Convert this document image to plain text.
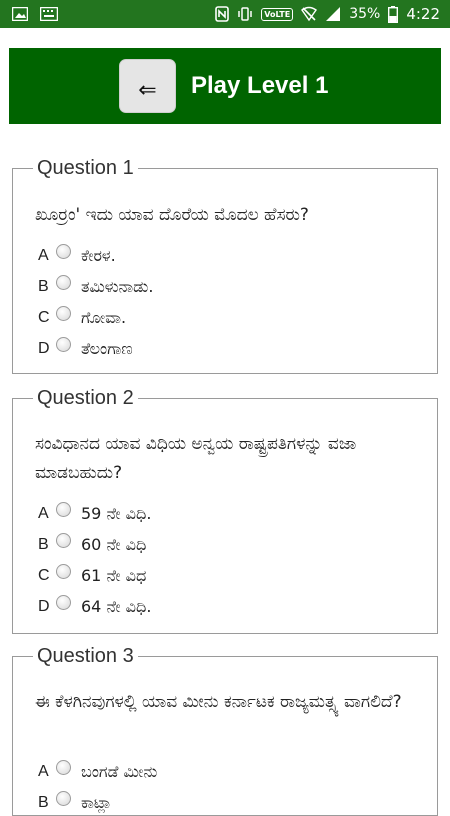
VoLTE	35% 4:22
⇐	Play Level 1
Question 1
ಖೂರ್ರಂ' ಇದು ಯಾವ ದೊರೆಯ ಮೊದಲ ಹೆಸರು?
A ಕೇರಳ.
B ತಮಿಳುನಾಡು.
C ಗೋವಾ.
D ತೆಲಂಗಾಣ
Question 2
ಸಂವಿಧಾನದ ಯಾವ ವಿಧಿಯ ಅನ್ವಯ ರಾಷ್ಟ್ರಪತಿಗಳನ್ನು ವಜಾ ಮಾಡಬಹುದು?
A 59 ನೇ ವಿಧಿ.
B 60 ನೇ ವಿಧಿ
C 61 ನೇ ವಿಧ
D 64 ನೇ ವಿಧಿ.
Question 3
ಈ ಕೆಳಗಿನವುಗಳಲ್ಲಿ ಯಾವ ಮೀನು ಕರ್ನಾಟಕ ರಾಜ್ಯಮತ್ಸ್ಯ ವಾಗಲಿದೆ?
A ಬಂಗಡೆ ಮೀನು
B ಕಾಟ್ಲಾ
